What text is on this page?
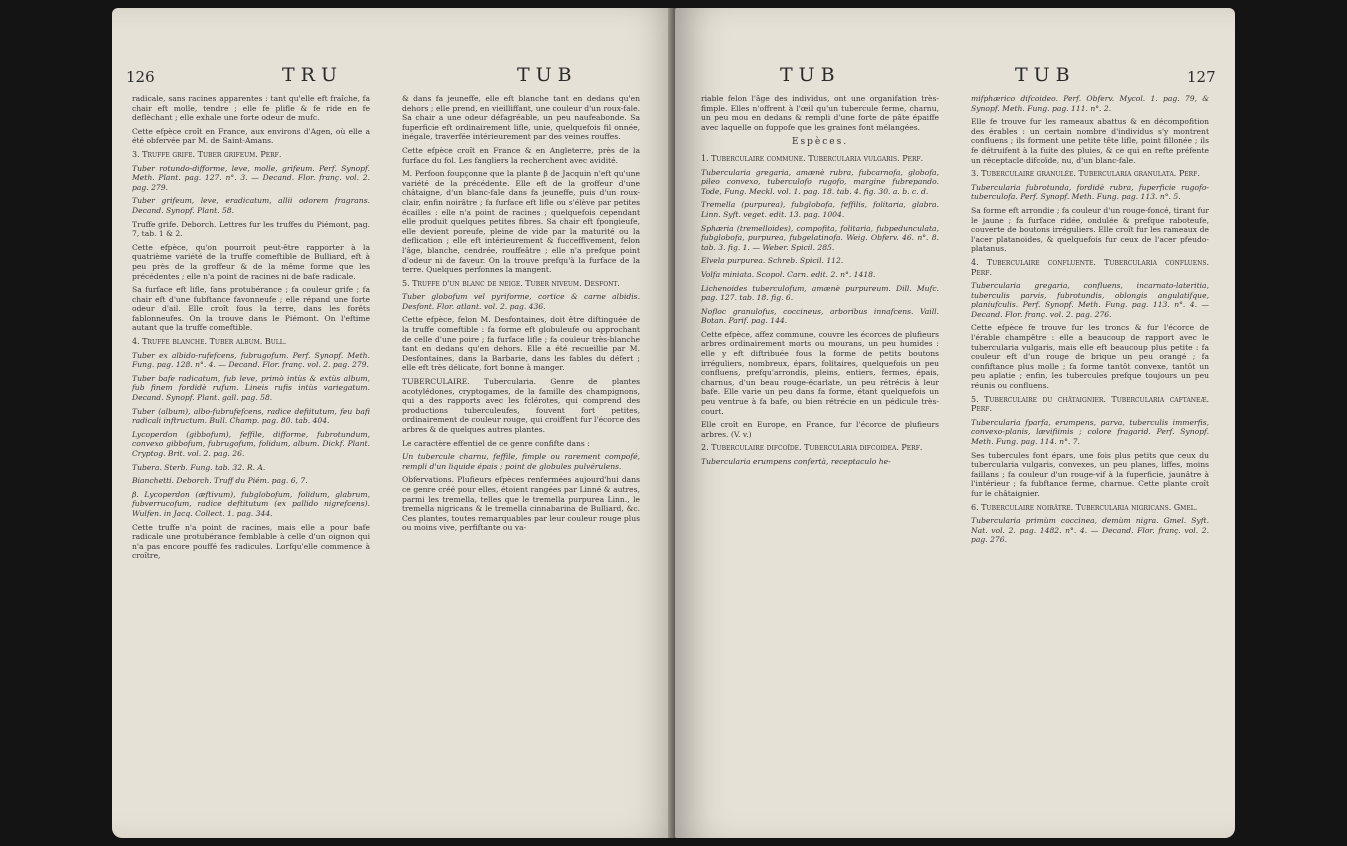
126	TRU	TUB

radicale, sans racines apparentes : tant qu'elle eft fraîche, fa chair eft molle, tendre ; elle fe plifle & fe ride en fe deflèchant ; elle exhale une forte odeur de mufc.

Cette efpèce croît en France, aux environs d'Agen, où elle a été obfervée par M. de Saint-Amans.

3. Truffe grife. Tuber grifeum. Perf.

Tuber rotundo-difforme, leve, molle, grifeum. Perf. Synopf. Meth. Plant. pag. 127. n°. 3. — Decand. Flor. franç. vol. 2. pag. 279.

Tuber grifeum, leve, eradicatum, allii odorem fragrans. Decand. Synopf. Plant. 58.

Truffe grife. Deborch. Lettres fur les truffes du Piémont, pag. 7, tab. 1 & 2.

Cette efpèce, qu'on pourroit peut-être rapporter à la quatrième variété de la truffe comeftible de Bulliard, eft à peu près de la groffeur & de la même forme que les précédentes ; elle n'a point de racines ni de bafe radicale.

Sa furface eft lifle, fans protubérance ; fa couleur grife ; fa chair eft d'une fubftance favonneufe ; elle répand une forte odeur d'ail. Elle croît fous la terre, dans les forêts fablonneufes. On la trouve dans le Piémont. On l'eftime autant que la truffe comeftible.

4. Truffe blanche. Tuber album. Bull.

Tuber ex albido-rufefcens, fubrugofum. Perf. Synopf. Meth. Fung. pag. 128. n°. 4. — Decand. Flor. franç. vol. 2. pag. 279.

Tuber bafe radicatum, fub leve, primò intùs & extùs album, fub finem fordidè rufum. Lineis rufis intùs variegatum. Decand. Synopf. Plant. gall. pag. 58.

Tuber (album), albo-fubrufefcens, radice defiitutum, feu bafi radicali inftructum. Bull. Champ. pag. 80. tab. 404.

Lycoperdon (gibbofum), feffile, difforme, fubrotundum, convexo gibbofum, fubrugofum, folidum, album. Dickf. Plant. Cryptog. Brit. vol. 2. pag. 26.

Tubera. Sterb. Fung. tab. 32. R. A.

Bianchetti. Deborch. Truff du Piém. pag. 6, 7.

β. Lycoperdon (æftivum), fubglobofum, folidum, glabrum, fubverrucofum, radice deftitutum (ex pallido nigrefcens). Wulfen. in Jacq. Collect. 1. pag. 344.

Cette truffe n'a point de racines, mais elle a pour bafe radicale une protubérance femblable à celle d'un oignon qui n'a pas encore pouffé fes radicules. Lorfqu'elle commence à croître,

& dans fa jeuneffe, elle eft blanche tant en dedans qu'en dehors ; elle prend, en vieilliffant, une couleur d'un roux-fale. Sa chair a une odeur défagréable, un peu naufeabonde. Sa fuperficie eft ordinairement lifle, unie, quelquefois fil onnée, inégale, traverfée intérieurement par des veines rouffes.

Cette efpèce croît en France & en Angleterre, près de la furface du fol. Les fangliers la recherchent avec avidité.

M. Perfoon foupçonne que la plante β de Jacquin n'eft qu'une variété de la précédente. Elle eft de la groffeur d'une châtaigne, d'un blanc-fale dans fa jeuneffe, puis d'un roux-clair, enfin noirâtre ; fa furface eft lifle ou s'élève par petites écailles : elle n'a point de racines ; quelquefois cependant elle produit quelques petites fibres. Sa chair eft fpongieufe, elle devient poreufe, pleine de vide par la maturité ou la deflication ; elle eft intérieurement & fucceffivement, felon l'âge, blanche, cendrée, rouffeâtre ; elle n'a prefque point d'odeur ni de faveur. On la trouve prefqu'à la furface de la terre. Quelques perfonnes la mangent.

5. Truffe d'un blanc de neige. Tuber niveum. Desfont.

Tuber globofum vel pyriforme, cortice & carne albidis. Desfont. Flor. atlant. vol. 2. pag. 436.

Cette efpèce, felon M. Desfontaines, doit être diftinguée de la truffe comeftible : fa forme eft globuleufe ou approchant de celle d'une poire ; fa furface lifle ; fa couleur très-blanche tant en dedans qu'en dehors. Elle a été recueillie par M. Desfontaines, dans la Barbarie, dans les fables du défert ; elle eft très délicate, fort bonne à manger.

TUBERCULAIRE. Tubercularia. Genre de plantes acotylédones, cryptogames, de la famille des champignons, qui a des rapports avec les fclérotes, qui comprend des productions tuberculeufes, fouvent fort petites, ordinairement de couleur rouge, qui croiffent fur l'écorce des arbres & de quelques autres plantes.

Le caractère effentiel de ce genre confifte dans :

Un tubercule charnu, feffile, fimple ou rarement compofé, rempli d'un liquide épais ; point de globules pulvérulens.

Obfervations. Plufieurs efpèces renfermées aujourd'hui dans ce genre créé pour elles, étoient rangées par Linné & autres, parmi les tremella, telles que le tremella purpurea Linn., le tremella nigricans & le tremella cinnabarina de Bulliard, &c. Ces plantes, toutes remarquables par leur couleur rouge plus ou moins vive, perfiftante ou va-

TUB	TUB	127

riable felon l'âge des individus, ont une organifation très-fimple. Elles n'offrent à l'œil qu'un tubercule ferme, charnu, un peu mou en dedans & rempli d'une forte de pâte épaiffe avec laquelle on fuppofe que les graines font mélangées.

Espèces.

1. Tuberculaire commune. Tubercularia vulgaris. Perf.

Tubercularia gregaria, amænè rubra, fubcarnofa, globofa, pileo convexo, tuberculofo rugofo, margine fubrepando. Tode, Fung. Meckl. vol. 1. pag. 18. tab. 4. fig. 30. a. b. c. d.

Tremella (purpurea), fubglobofa, feffilis, folitaria, glabra. Linn. Syft. veget. edit. 13. pag. 1004.

Sphæria (tremelloides), compofita, folitaria, fubpedunculata, fubglobofa, purpurea, fubgelatinofa. Weig. Obferv. 46. n°. 8. tab. 3. fig. 1. — Weber. Spicil. 285.

Elvela purpurea. Schreb. Spicil. 112.

Volfa miniata. Scopol. Carn. edit. 2. n°. 1418.

Lichenoides tuberculofum, amænè purpureum. Dill. Mufc. pag. 127. tab. 18. fig. 6.

Nofloc granulofus, coccineus, arboribus innafcens. Vaill. Botan. Parif. pag. 144.

Cette efpèce, affez commune, couvre les écorces de plufieurs arbres ordinairement morts ou mourans, un peu humides : elle y eft diftribuée fous la forme de petits boutons irréguliers, nombreux, épars, folitaires, quelquefois un peu confluens, prefqu'arrondis, pleins, entiers, fermes, épais, charnus, d'un beau rouge-écarlate, un peu rétrécis à leur bafe. Elle varie un peu dans fa forme, étant quelquefois un peu ventrue à fa bafe, ou bien rétrécie en un pédicule très-court.

Elle croît en Europe, en France, fur l'écorce de plufieurs arbres. (V. v.)

2. Tuberculaire difcoïde. Tubercularia difcoidea. Perf.

Tubercularia erumpens confertà, receptaculo he-

mifphærico difcoideo. Perf. Obferv. Mycol. 1. pag. 79, & Synopf. Meth. Fung. pag. 111. n°. 2.

Elle fe trouve fur les rameaux abattus & en décompofition des érables : un certain nombre d'individus s'y montrent confluens ; ils forment une petite tête lifle, point fillonée ; ils fe détruifent à la fuite des pluies, & ce qui en refte préfente un réceptacle difcoïde, nu, d'un blanc-fale.

3. Tuberculaire granulée. Tubercularia granulata. Perf.

Tubercularia fubrotunda, fordidè rubra, fuperficie rugofo-tuberculofa. Perf. Synopf. Meth. Fung. pag. 113. n°. 5.

Sa forme eft arrondie ; fa couleur d'un rouge-foncé, tirant fur le jaune ; fa furface ridée, ondulée & prefque raboteufe, couverte de boutons irréguliers. Elle croît fur les rameaux de l'acer platanoides, & quelquefois fur ceux de l'acer pfeudo-platanus.

4. Tuberculaire confluente. Tubercularia confluens. Perf.

Tubercularia gregaria, confluens, incarnato-lateritia, tuberculis parvis, fubrotundis, oblongis angulatifque, planiufculis. Perf. Synopf. Meth. Fung. pag. 113. n°. 4. — Decand. Flor. franç. vol. 2. pag. 276.

Cette efpèce fe trouve fur les troncs & fur l'écorce de l'érable champêtre : elle a beaucoup de rapport avec le tubercularia vulgaris, mais elle eft beaucoup plus petite : fa couleur eft d'un rouge de brique un peu orangé ; fa confiftance plus molle ; fa forme tantôt convexe, tantôt un peu aplatie ; enfin, les tubercules prefque toujours un peu réunis ou confluens.

5. Tuberculaire du châtaignier. Tubercularia caftaneæ. Perf.

Tubercularia fparfa, erumpens, parva, tuberculis immerfis, convexo-planis, lævifiimis ; colore fragarid. Perf. Synopf. Meth. Fung. pag. 114. n°. 7.

Ses tubercules font épars, une fois plus petits que ceux du tubercularia vulgaris, convexes, un peu planes, liffes, moins faillans ; fa couleur d'un rouge-vif à la fuperficie, jaunâtre à l'intérieur ; fa fubftance ferme, charnue. Cette plante croît fur le châtaignier.

6. Tuberculaire noirâtre. Tubercularia nigricans. Gmel.

Tubercularia primùm coccinea, demùm nigra. Gmel. Syft. Nat. vol. 2. pag. 1482. n°. 4. — Decand. Flor. franç. vol. 2. pag. 276.
